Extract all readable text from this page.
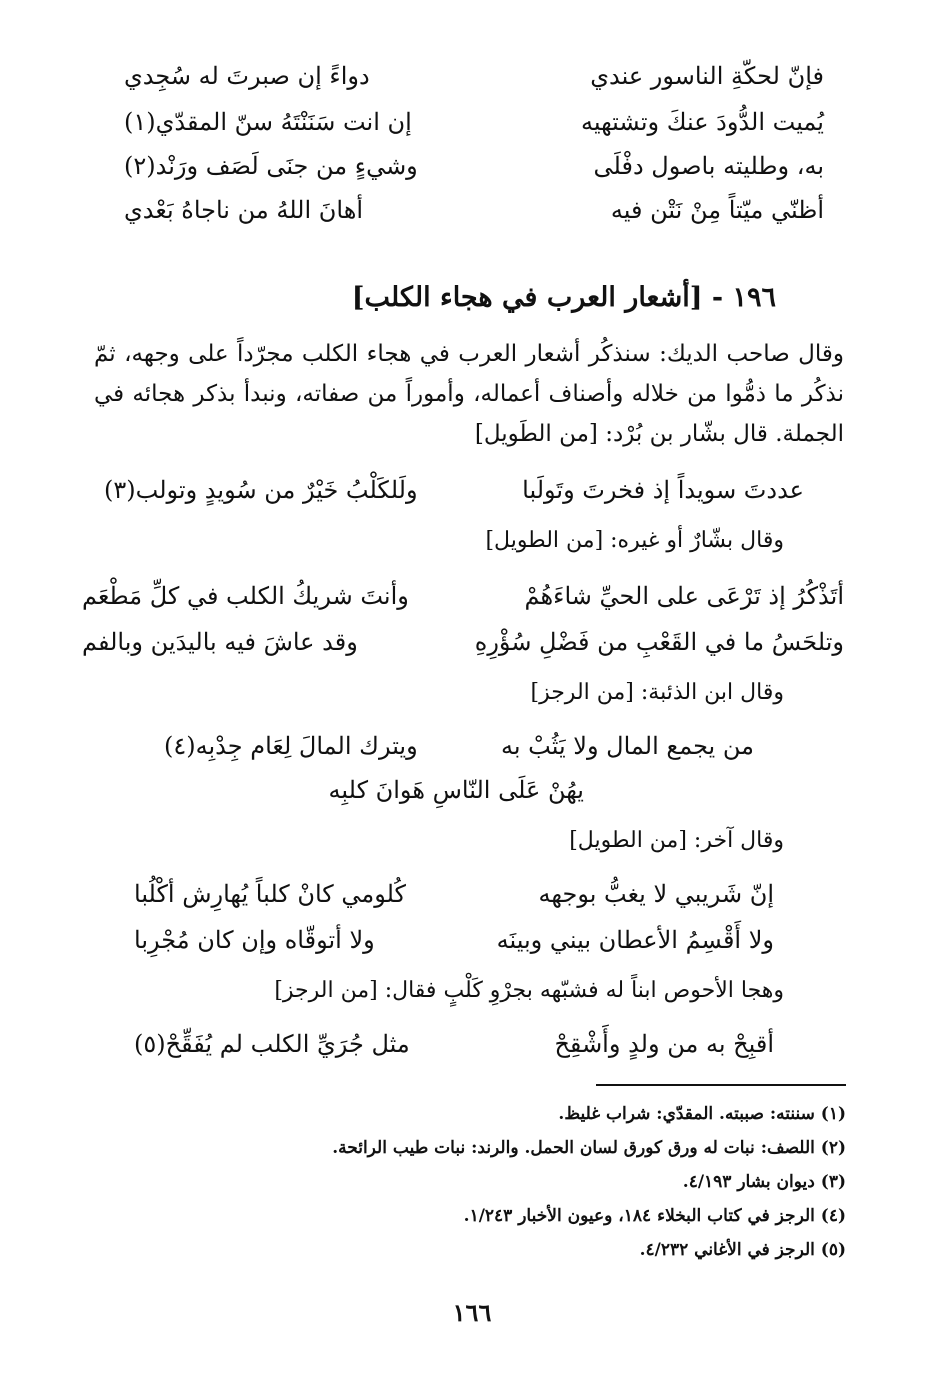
فإنّ لحكّةِ الناسور عندي
دواءً إن صبرتَ له سُجِدي
يُميت الدُّودَ عنكَ وتشتهيه
إن انت سَنَنْتَهُ سنّ المقدّي(١)
به، وطليته باصول دفْلَى
وشيءٍ من جنَى لَصَف ورَنْد(٢)
أظنّي ميّتاً مِنْ نَتْن فيه
أهانَ اللهُ من ناجاهُ بَعْدي
١٩٦ - [أشعار العرب في هجاء الكلب]
وقال صاحب الديك: سنذكُر أشعار العرب في هجاء الكلب مجرّداً على وجهه، ثمّ نذكُر ما ذمُّوا من خلاله وأصناف أعماله، وأموراً من صفاته، ونبدأ بذكر هجائه في الجملة. قال بشّار بن بُرْد: [من الطَويل]
عددتَ سويداً إذ فخرتَ وتَولَبا
ولَلكَلْبُ خَيْرٌ من سُويدٍ وتولب(٣)
وقال بشّارٌ أو غيره: [من الطويل]
أتَذْكُرُ إذ تَرْعَى على الحيِّ شاءَهُمْ
وأنتَ شريكُ الكلب في كلِّ مَطْعَم
وتلحَسُ ما في القَعْبِ من فَضْلِ سُؤْرِهِ
وقد عاشَ فيه باليدَين وبالفم
وقال ابن الذئبة: [من الرجز]
من يجمع المال ولا يَثُبْ به
ويترك المالَ لِعَام جِدْبِه(٤)
يهُنْ عَلَى النّاسِ هَوانَ كلبِه
وقال آخر: [من الطويل]
إنّ شَريبي لا يغبُّ بوجهه
كُلومي كانْ كلباً يُهارِش أكْلُبا
ولا أَقْسِمُ الأعطان بيني وبينَه
ولا أتوقّاه وإن كان مُجْرِبا
وهجا الأحوص ابناً له فشبّهه بجرْوِ كَلْبٍ فقال: [من الرجز]
أقبِحْ به من ولدٍ وأَشْقِحْ
مثل جُرَيِّ الكلب لم يُفَقِّحْ(٥)
(١) سننته: صببته. المقدّي: شراب غليظ.
(٢) اللصف: نبات له ورق كورق لسان الحمل. والرند: نبات طيب الرائحة.
(٣) ديوان بشار ٤/١٩٣.
(٤) الرجز في كتاب البخلاء ١٨٤، وعيون الأخبار ١/٢٤٣.
(٥) الرجز في الأغاني ٤/٢٣٢.
١٦٦
